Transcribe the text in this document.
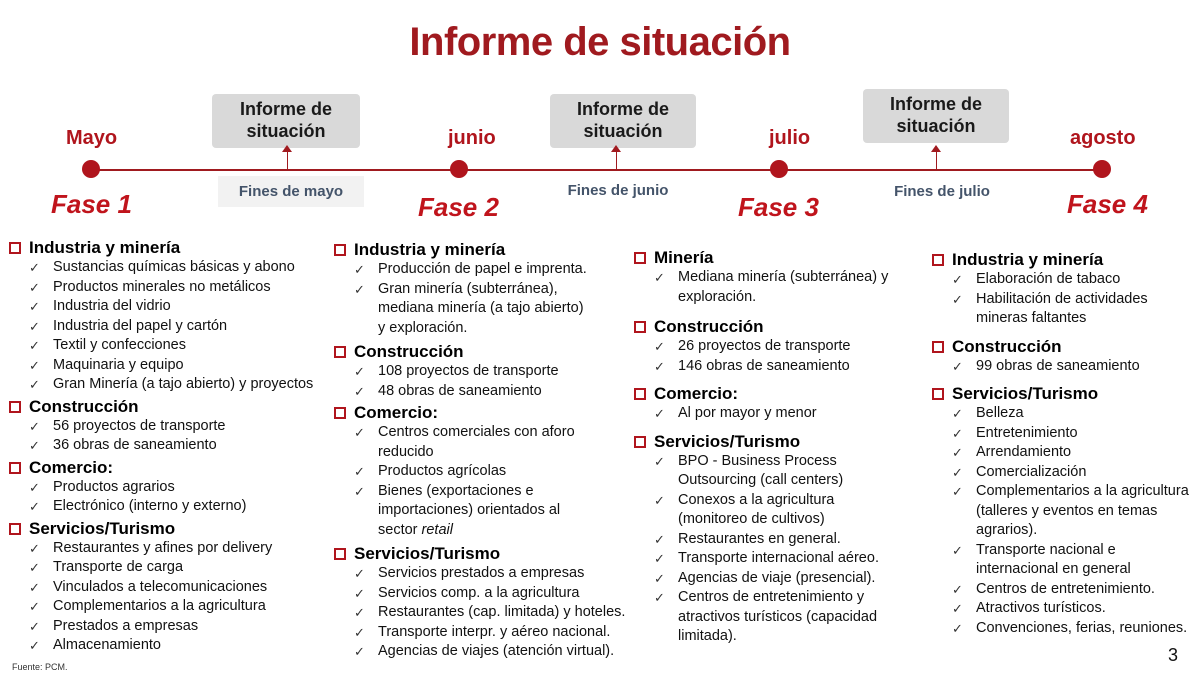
Informe de situación
Mayo	junio	julio	agosto
Fase 1	Fase 2	Fase 3	Fase 4
Informe de situación
Informe de situación
Informe de situación
Fines de mayo	Fines de junio	Fines de julio
Industria y minería
✓ Sustancias químicas básicas y abono
✓ Productos minerales no metálicos
✓ Industria del vidrio
✓ Industria del papel y cartón
✓ Textil y confecciones
✓ Maquinaria y equipo
✓ Gran Minería (a tajo abierto) y proyectos
Construcción
✓ 56 proyectos de transporte
✓ 36 obras de saneamiento
Comercio:
✓ Productos agrarios
✓ Electrónico (interno y externo)
Servicios/Turismo
✓ Restaurantes y afines por delivery
✓ Transporte de carga
✓ Vinculados a telecomunicaciones
✓ Complementarios a la agricultura
✓ Prestados a empresas
✓ Almacenamiento
Industria y minería
✓ Producción de papel e imprenta.
✓ Gran minería (subterránea), mediana minería (a tajo abierto) y exploración.
Construcción
✓ 108 proyectos de transporte
✓ 48 obras de saneamiento
Comercio:
✓ Centros comerciales con aforo reducido
✓ Productos agrícolas
✓ Bienes (exportaciones e importaciones) orientados al sector retail
Servicios/Turismo
✓ Servicios prestados a empresas
✓ Servicios comp. a la agricultura
✓ Restaurantes (cap. limitada) y hoteles.
✓ Transporte interpr. y aéreo nacional.
✓ Agencias de viajes (atención virtual).
Minería
✓ Mediana minería (subterránea) y exploración.
Construcción
✓ 26 proyectos de transporte
✓ 146 obras de saneamiento
Comercio:
✓ Al por mayor y menor
Servicios/Turismo
✓ BPO - Business Process Outsourcing (call centers)
✓ Conexos a la agricultura (monitoreo de cultivos)
✓ Restaurantes en general.
✓ Transporte internacional aéreo.
✓ Agencias de viaje (presencial).
✓ Centros de entretenimiento y atractivos turísticos (capacidad limitada).
Industria y minería
✓ Elaboración de tabaco
✓ Habilitación de actividades mineras faltantes
Construcción
✓ 99 obras de saneamiento
Servicios/Turismo
✓ Belleza
✓ Entretenimiento
✓ Arrendamiento
✓ Comercialización
✓ Complementarios a la agricultura (talleres y eventos en temas agrarios).
✓ Transporte nacional e internacional en general
✓ Centros de entretenimiento.
✓ Atractivos turísticos.
✓ Convenciones, ferias, reuniones.
Fuente: PCM.
3
